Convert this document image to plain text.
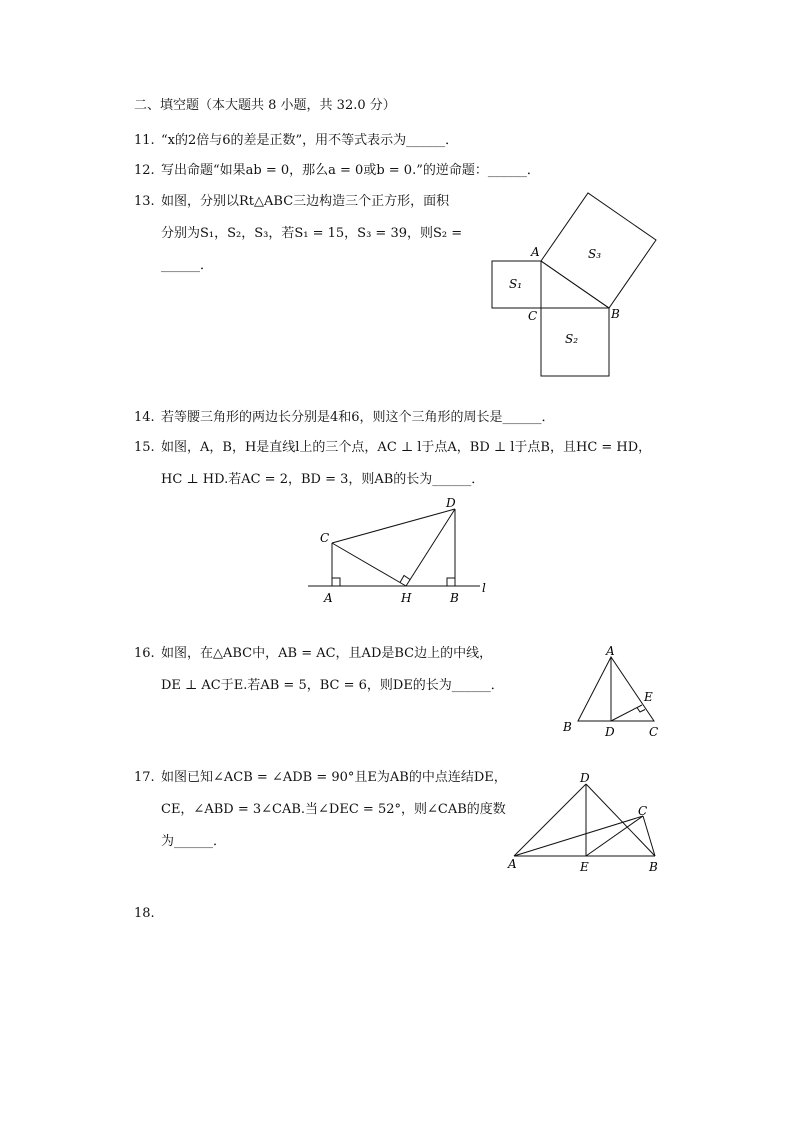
二、填空题（本大题共 8 小题，共 32.0 分）
11. “x的2倍与6的差是正数”，用不等式表示为______．
12. 写出命题“如果ab = 0，那么a = 0或b = 0.”的逆命题：______．
13. 如图，分别以Rt△ABC三边构造三个正方形，面积
分别为S₁，S₂，S₃，若S₁ = 15，S₃ = 39，则S₂ =
______．
A
C	B
S₁
S₂
S₃
14. 若等腰三角形的两边长分别是4和6，则这个三角形的周长是______．
15. 如图，A，B，H是直线l上的三个点，AC ⊥ l于点A，BD ⊥ l于点B，且HC = HD，
HC ⊥ HD.若AC = 2，BD = 3，则AB的长为______．
C
D
A	H	B
l
16. 如图，在△ABC中，AB = AC，且AD是BC边上的中线，
DE ⊥ AC于E.若AB = 5，BC = 6，则DE的长为______．
A
B	D	C
E
17. 如图已知∠ACB = ∠ADB = 90°且E为AB的中点连结DE，
CE，∠ABD = 3∠CAB.当∠DEC = 52°，则∠CAB的度数
为______．
D
C
A	E	B
18.
